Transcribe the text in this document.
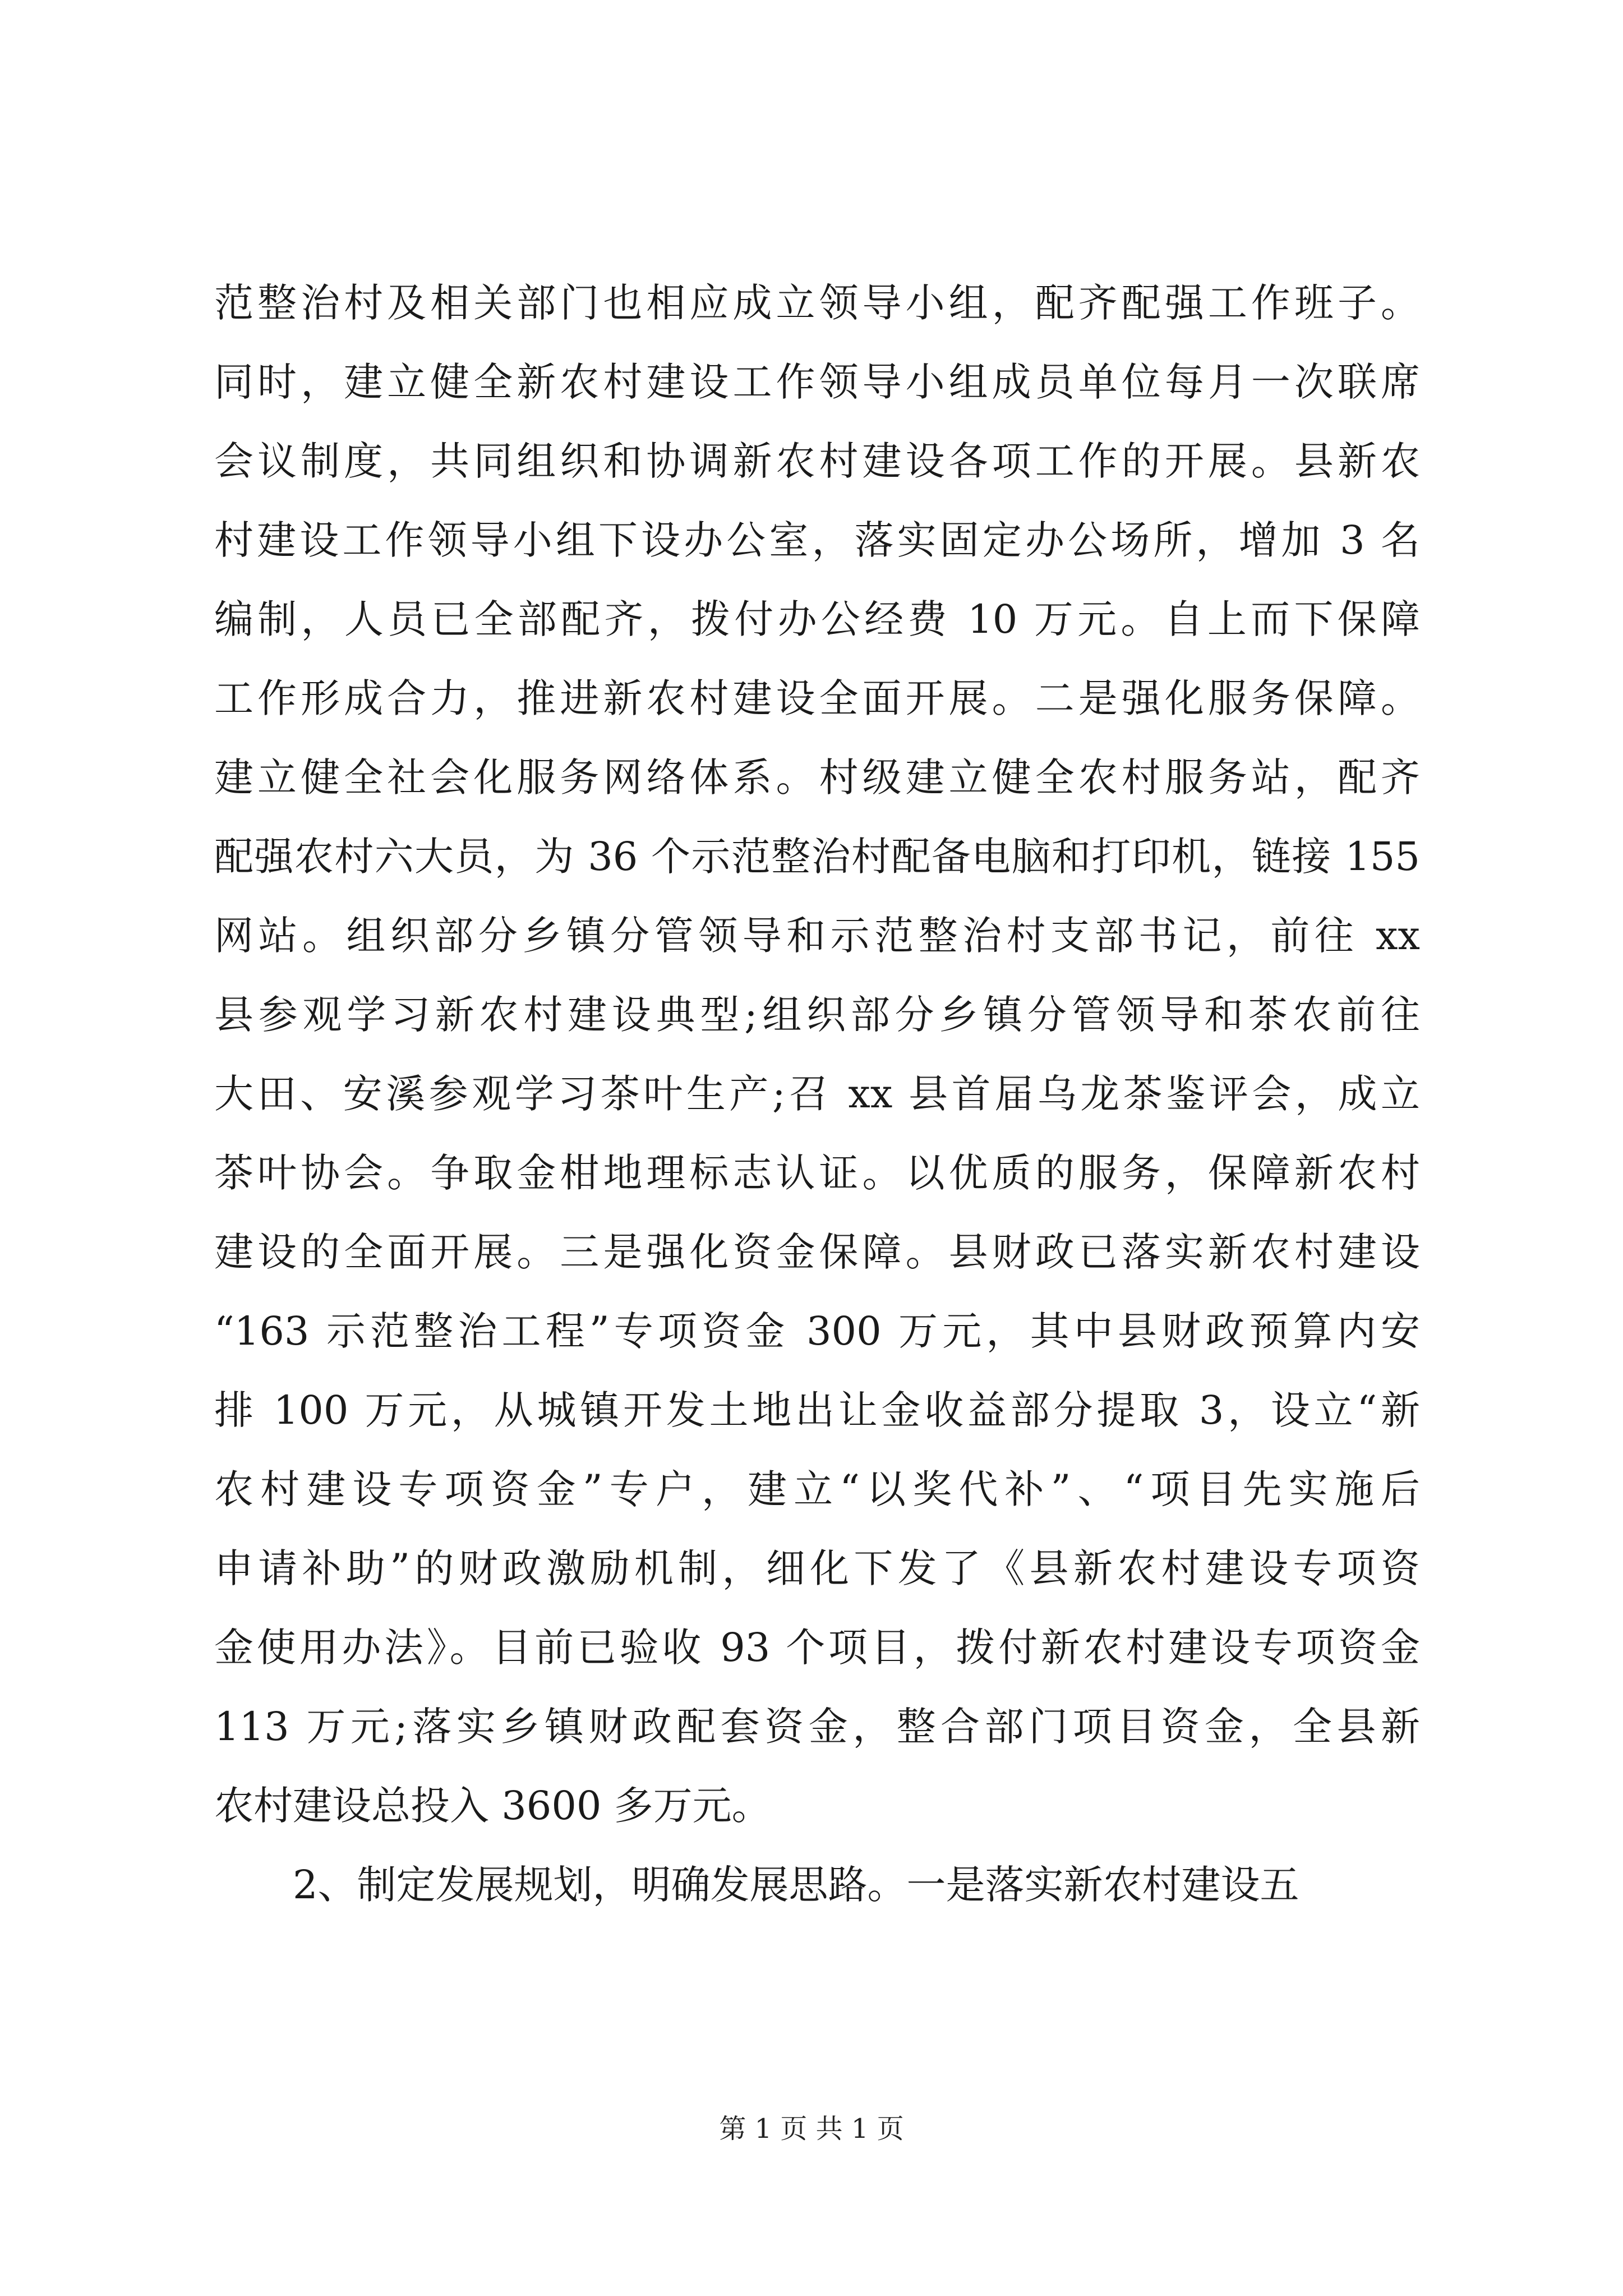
范整治村及相关部门也相应成立领导小组，配齐配强工作班子。
同时，建立健全新农村建设工作领导小组成员单位每月一次联席
会议制度，共同组织和协调新农村建设各项工作的开展。县新农
村建设工作领导小组下设办公室，落实固定办公场所，增加 3 名
编制，人员已全部配齐，拨付办公经费 10 万元。自上而下保障
工作形成合力，推进新农村建设全面开展。二是强化服务保障。
建立健全社会化服务网络体系。村级建立健全农村服务站，配齐
配强农村六大员，为 36 个示范整治村配备电脑和打印机，链接 155
网站。组织部分乡镇分管领导和示范整治村支部书记，前往 xx
县参观学习新农村建设典型;组织部分乡镇分管领导和茶农前往
大田、安溪参观学习茶叶生产;召 xx 县首届乌龙茶鉴评会，成立
茶叶协会。争取金柑地理标志认证。以优质的服务，保障新农村
建设的全面开展。三是强化资金保障。县财政已落实新农村建设
“163 示范整治工程”专项资金 300 万元，其中县财政预算内安
排 100 万元，从城镇开发土地出让金收益部分提取 3，设立“新
农村建设专项资金”专户，建立“以奖代补”、“项目先实施后
申请补助”的财政激励机制，细化下发了《县新农村建设专项资
金使用办法》。目前已验收 93 个项目，拨付新农村建设专项资金
113 万元;落实乡镇财政配套资金，整合部门项目资金，全县新
农村建设总投入 3600 多万元。
2、制定发展规划，明确发展思路。一是落实新农村建设五
第 1 页 共 1 页
